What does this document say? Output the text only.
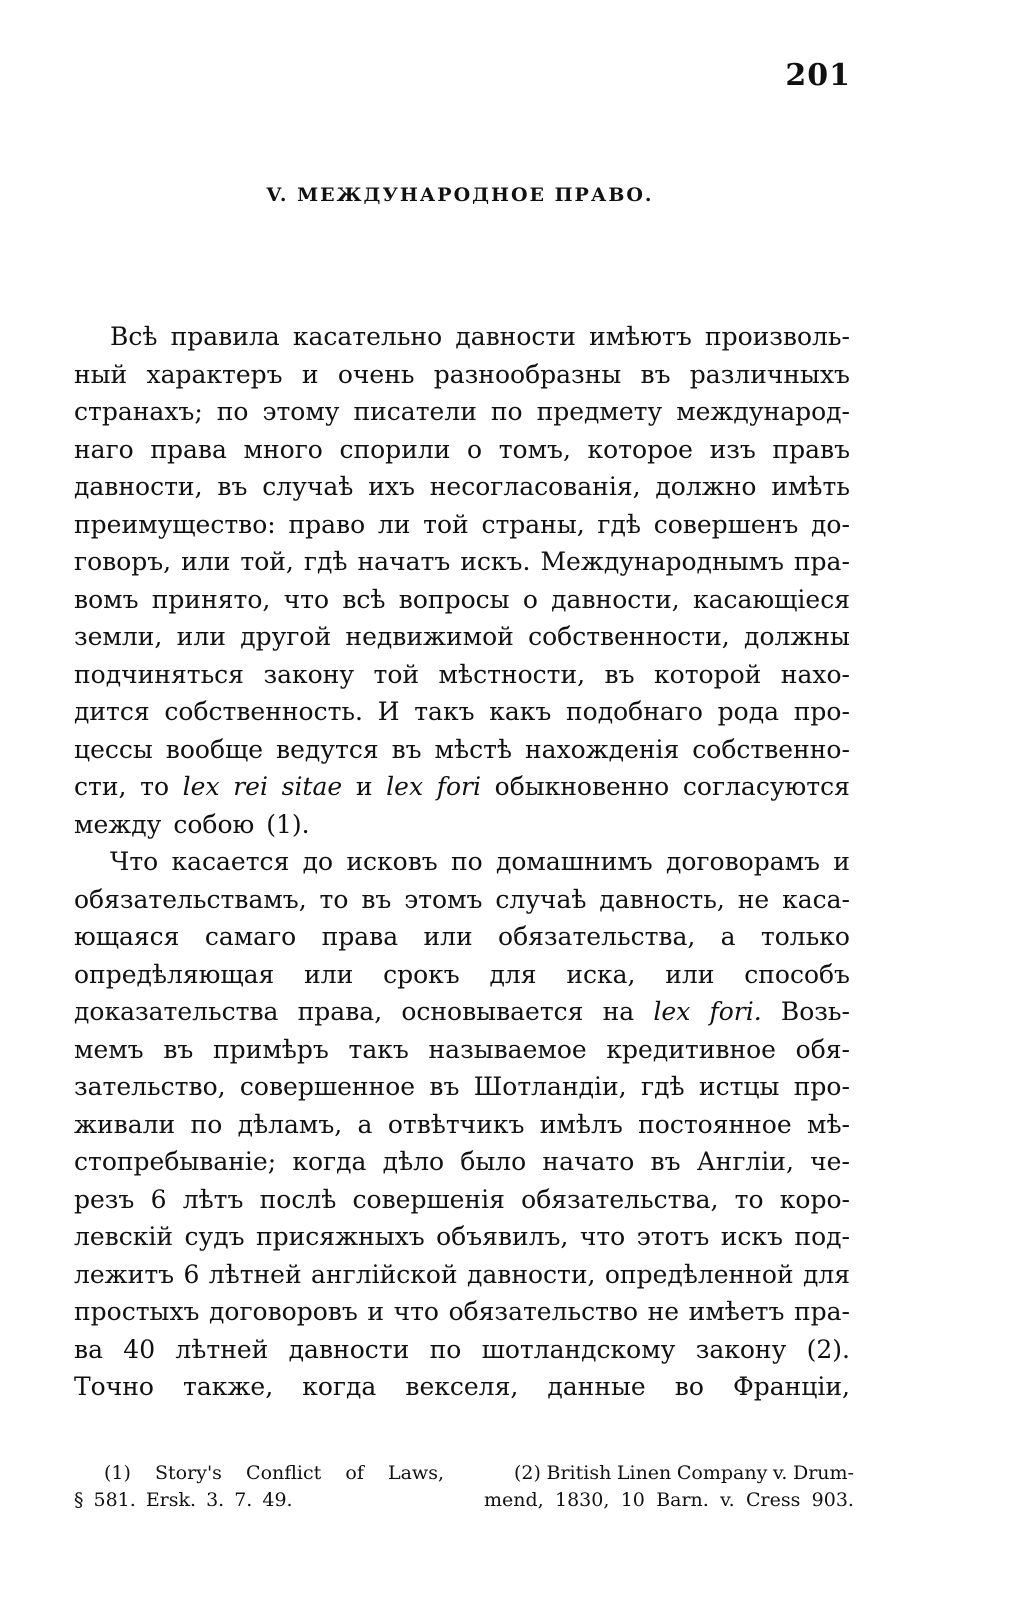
201
V. МЕЖДУНАРОДНОЕ ПРАВО.
Всѣ правила касательно давности имѣютъ произволь-
ный характеръ и очень разнообразны въ различныхъ
странахъ; по этому писатели по предмету международ-
наго права много спорили о томъ, которое изъ правъ
давности, въ случаѣ ихъ несогласованія, должно имѣть
преимущество: право ли той страны, гдѣ совершенъ до-
говоръ, или той, гдѣ начатъ искъ. Международнымъ пра-
вомъ принято, что всѣ вопросы о давности, касающіеся
земли, или другой недвижимой собственности, должны
подчиняться закону той мѣстности, въ которой нахо-
дится собственность. И такъ какъ подобнаго рода про-
цессы вообще ведутся въ мѣстѣ нахожденія собственно-
сти, то lex rei sitae и lex fori обыкновенно согласуются
между собою (1).
Что касается до исковъ по домашнимъ договорамъ и
обязательствамъ, то въ этомъ случаѣ давность, не каса-
ющаяся самаго права или обязательства, а только
опредѣляющая или срокъ для иска, или способъ
доказательства права, основывается на lex fori. Возь-
мемъ въ примѣръ такъ называемое кредитивное обя-
зательство, совершенное въ Шотландіи, гдѣ истцы про-
живали по дѣламъ, а отвѣтчикъ имѣлъ постоянное мѣ-
стопребываніе; когда дѣло было начато въ Англіи, че-
резъ 6 лѣтъ послѣ совершенія обязательства, то коро-
левскій судъ присяжныхъ объявилъ, что этотъ искъ под-
лежитъ 6 лѣтней англійской давности, опредѣленной для
простыхъ договоровъ и что обязательство не имѣетъ пра-
ва 40 лѣтней давности по шотландскому закону (2).
Точно также, когда векселя, данные во Франціи,
(1) Story's Conflict of Laws,
§ 581. Ersk. 3. 7. 49.
(2) British Linen Company v. Drum-
mend, 1830, 10 Barn. v. Cress 903.
